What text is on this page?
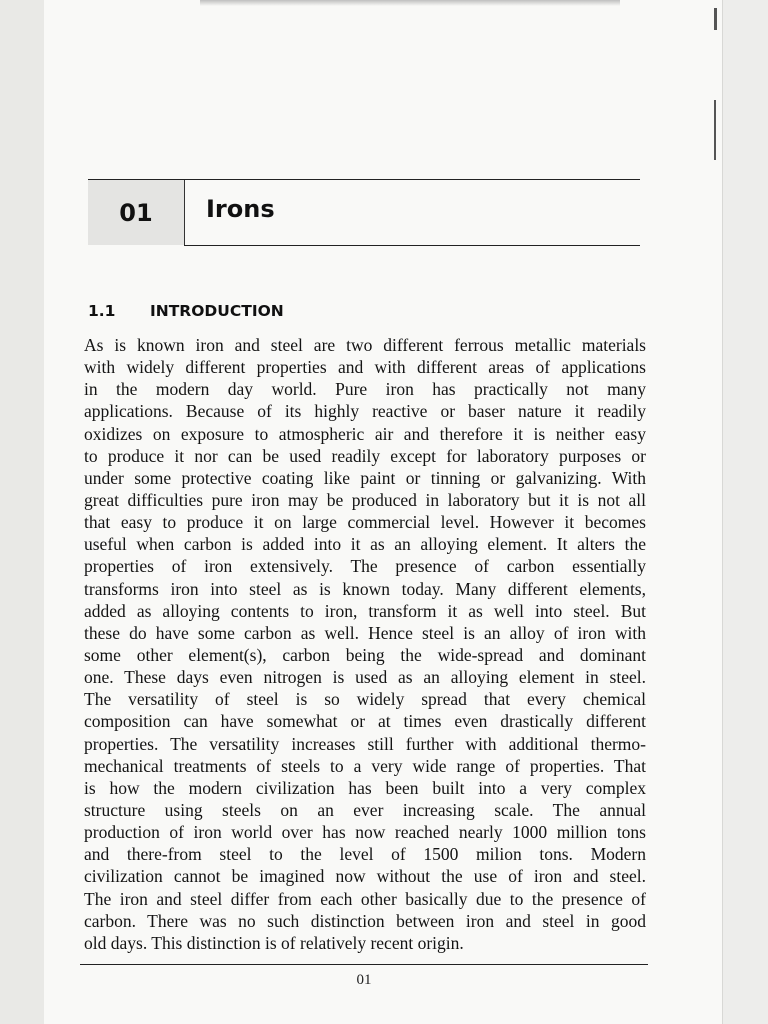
01	Irons
1.1 INTRODUCTION
As is known iron and steel are two different ferrous metallic materials
with widely different properties and with different areas of applications
in the modern day world. Pure iron has practically not many
applications. Because of its highly reactive or baser nature it readily
oxidizes on exposure to atmospheric air and therefore it is neither easy
to produce it nor can be used readily except for laboratory purposes or
under some protective coating like paint or tinning or galvanizing. With
great difficulties pure iron may be produced in laboratory but it is not all
that easy to produce it on large commercial level. However it becomes
useful when carbon is added into it as an alloying element. It alters the
properties of iron extensively. The presence of carbon essentially
transforms iron into steel as is known today. Many different elements,
added as alloying contents to iron, transform it as well into steel. But
these do have some carbon as well. Hence steel is an alloy of iron with
some other element(s), carbon being the wide-spread and dominant
one. These days even nitrogen is used as an alloying element in steel.
The versatility of steel is so widely spread that every chemical
composition can have somewhat or at times even drastically different
properties. The versatility increases still further with additional thermo-
mechanical treatments of steels to a very wide range of properties. That
is how the modern civilization has been built into a very complex
structure using steels on an ever increasing scale. The annual
production of iron world over has now reached nearly 1000 million tons
and there-from steel to the level of 1500 milion tons. Modern
civilization cannot be imagined now without the use of iron and steel.
The iron and steel differ from each other basically due to the presence of
carbon. There was no such distinction between iron and steel in good
old days. This distinction is of relatively recent origin.
01
